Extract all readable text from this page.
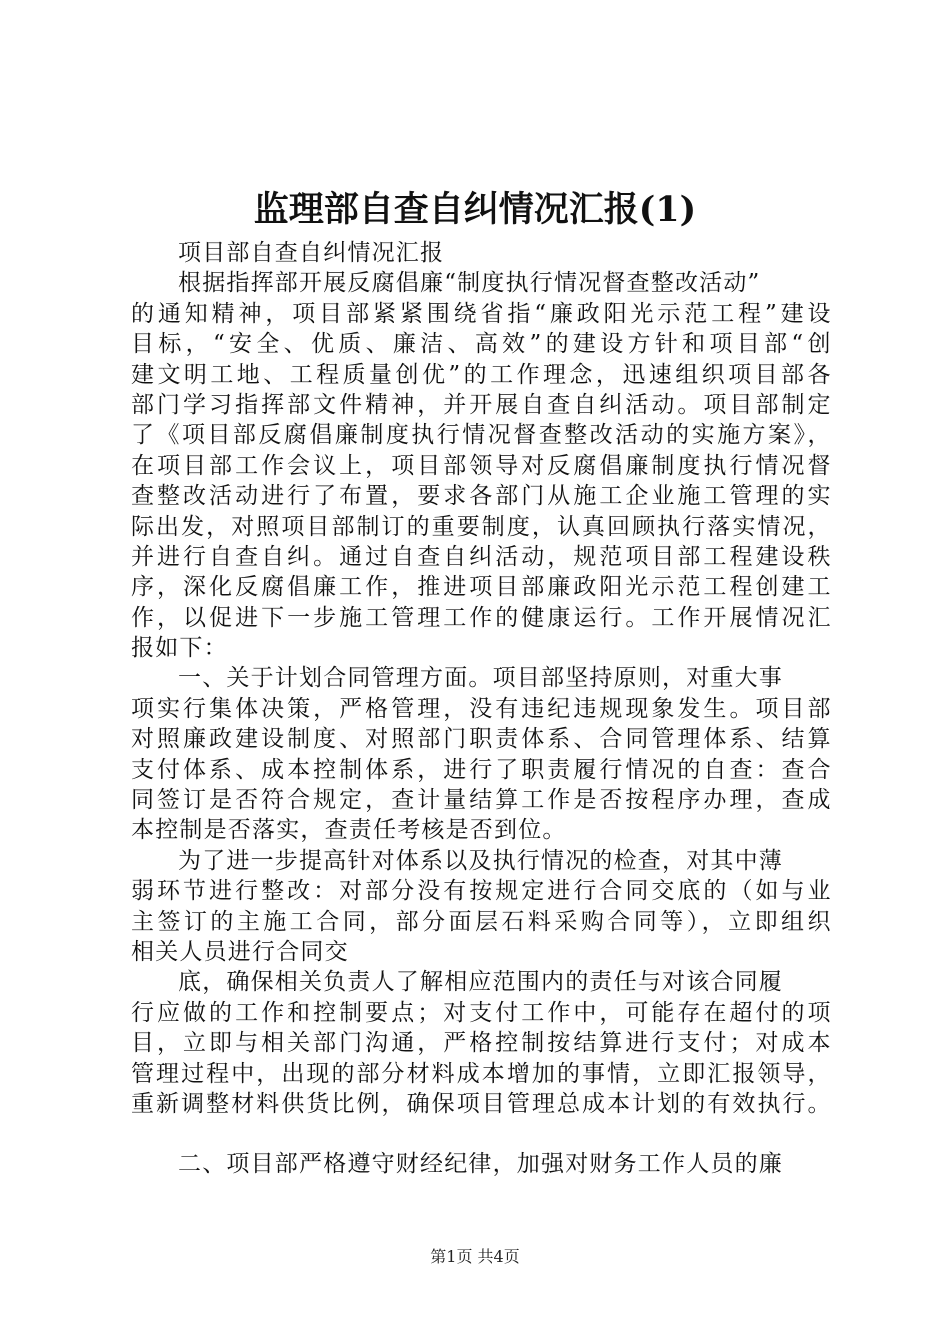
监理部自查自纠情况汇报(1)
项目部自查自纠情况汇报
根据指挥部开展反腐倡廉“制度执行情况督查整改活动”
的通知精神，项目部紧紧围绕省指“廉政阳光示范工程”建设
目标，“安全、优质、廉洁、高效”的建设方针和项目部“创
建文明工地、工程质量创优”的工作理念，迅速组织项目部各
部门学习指挥部文件精神，并开展自查自纠活动。项目部制定
了《项目部反腐倡廉制度执行情况督查整改活动的实施方案》，
在项目部工作会议上，项目部领导对反腐倡廉制度执行情况督
查整改活动进行了布置，要求各部门从施工企业施工管理的实
际出发，对照项目部制订的重要制度，认真回顾执行落实情况，
并进行自查自纠。通过自查自纠活动，规范项目部工程建设秩
序，深化反腐倡廉工作，推进项目部廉政阳光示范工程创建工
作，以促进下一步施工管理工作的健康运行。工作开展情况汇
报如下：
一、关于计划合同管理方面。项目部坚持原则，对重大事
项实行集体决策，严格管理，没有违纪违规现象发生。项目部
对照廉政建设制度、对照部门职责体系、合同管理体系、结算
支付体系、成本控制体系，进行了职责履行情况的自查：查合
同签订是否符合规定，查计量结算工作是否按程序办理，查成
本控制是否落实，查责任考核是否到位。
为了进一步提高针对体系以及执行情况的检查，对其中薄
弱环节进行整改：对部分没有按规定进行合同交底的（如与业
主签订的主施工合同，部分面层石料采购合同等），立即组织
相关人员进行合同交
底，确保相关负责人了解相应范围内的责任与对该合同履
行应做的工作和控制要点；对支付工作中，可能存在超付的项
目，立即与相关部门沟通，严格控制按结算进行支付；对成本
管理过程中，出现的部分材料成本增加的事情，立即汇报领导，
重新调整材料供货比例，确保项目管理总成本计划的有效执行。
二、项目部严格遵守财经纪律，加强对财务工作人员的廉
第1页 共4页
